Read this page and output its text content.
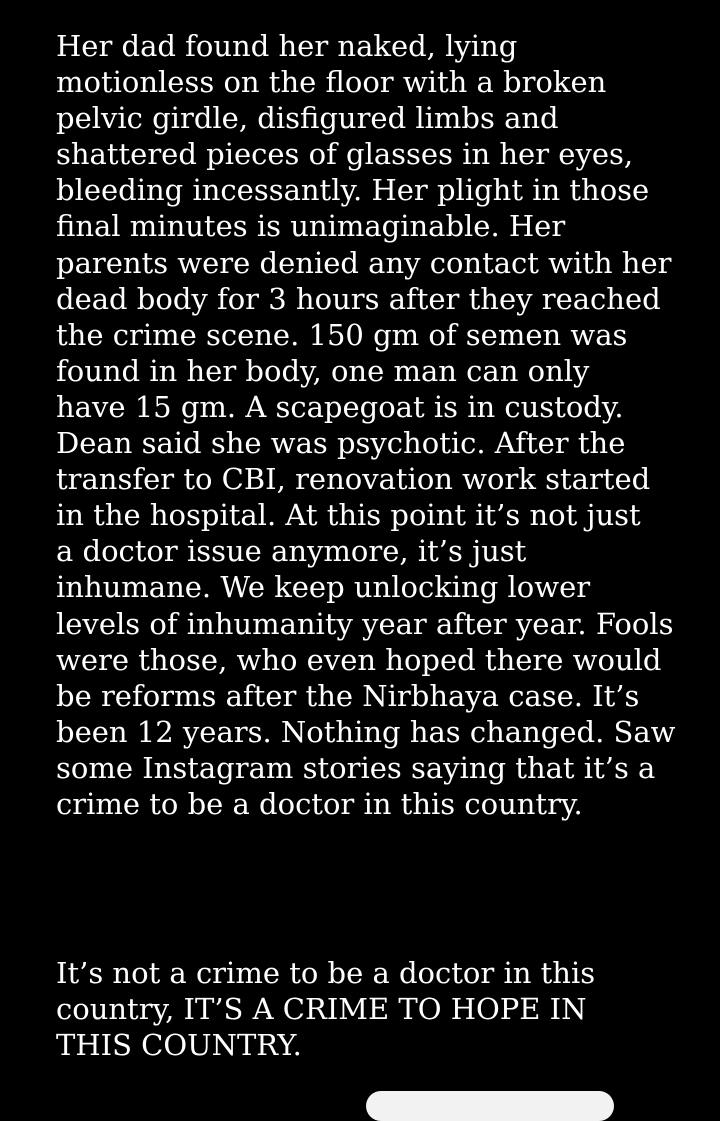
Her dad found her naked, lying
motionless on the floor with a broken
pelvic girdle, disfigured limbs and
shattered pieces of glasses in her eyes,
bleeding incessantly. Her plight in those
final minutes is unimaginable. Her
parents were denied any contact with her
dead body for 3 hours after they reached
the crime scene. 150 gm of semen was
found in her body, one man can only
have 15 gm. A scapegoat is in custody.
Dean said she was psychotic. After the
transfer to CBI, renovation work started
in the hospital. At this point it’s not just
a doctor issue anymore, it’s just
inhumane. We keep unlocking lower
levels of inhumanity year after year. Fools
were those, who even hoped there would
be reforms after the Nirbhaya case. It’s
been 12 years. Nothing has changed. Saw
some Instagram stories saying that it’s a
crime to be a doctor in this country.

It’s not a crime to be a doctor in this
country, IT’S A CRIME TO HOPE IN
THIS COUNTRY.
